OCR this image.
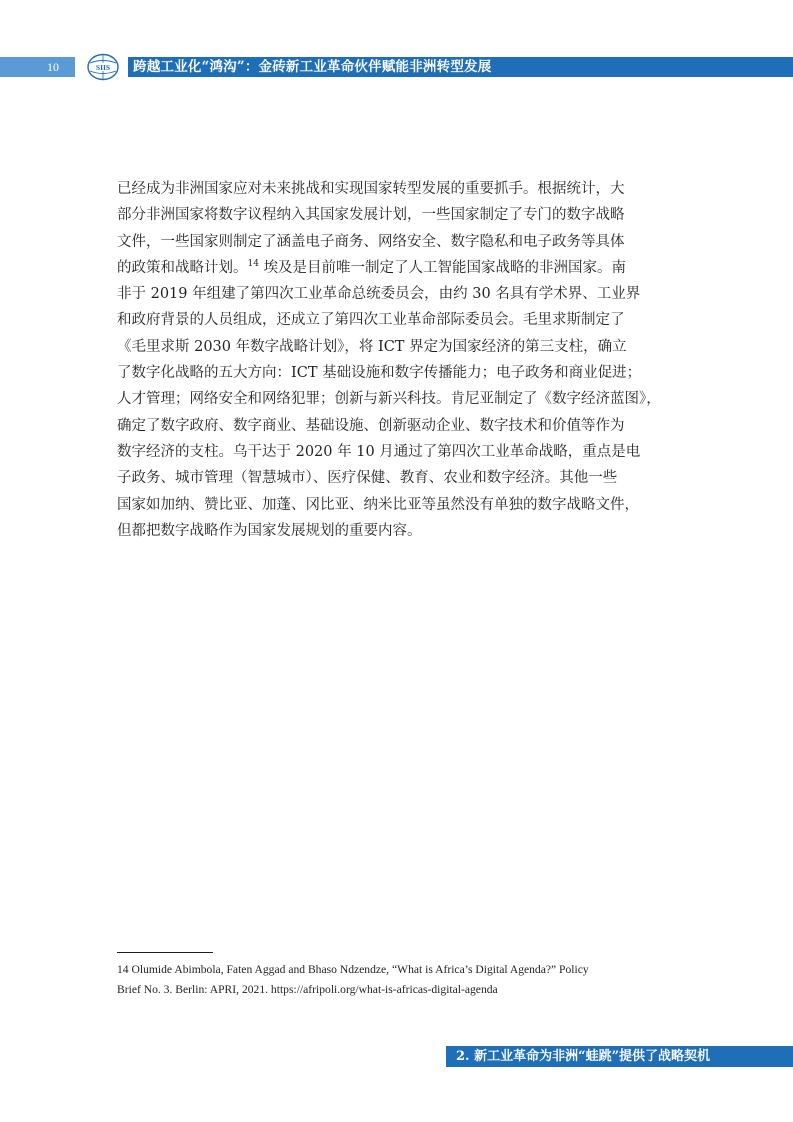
10	SIIS 跨越工业化“鸿沟”：金砖新工业革命伙伴赋能非洲转型发展
已经成为非洲国家应对未来挑战和实现国家转型发展的重要抓手。根据统计，大
部分非洲国家将数字议程纳入其国家发展计划，一些国家制定了专门的数字战略
文件，一些国家则制定了涵盖电子商务、网络安全、数字隐私和电子政务等具体
的政策和战略计划。$^{14}$ 埃及是目前唯一制定了人工智能国家战略的非洲国家。南
非于 2019 年组建了第四次工业革命总统委员会，由约 30 名具有学术界、工业界
和政府背景的人员组成，还成立了第四次工业革命部际委员会。毛里求斯制定了
《毛里求斯 2030 年数字战略计划》，将 ICT 界定为国家经济的第三支柱，确立
了数字化战略的五大方向：ICT 基础设施和数字传播能力；电子政务和商业促进；
人才管理；网络安全和网络犯罪；创新与新兴科技。肯尼亚制定了《数字经济蓝图》，
确定了数字政府、数字商业、基础设施、创新驱动企业、数字技术和价值等作为
数字经济的支柱。乌干达于 2020 年 10 月通过了第四次工业革命战略，重点是电
子政务、城市管理（智慧城市）、医疗保健、教育、农业和数字经济。其他一些
国家如加纳、赞比亚、加蓬、冈比亚、纳米比亚等虽然没有单独的数字战略文件，
但都把数字战略作为国家发展规划的重要内容。
14 Olumide Abimbola, Faten Aggad and Bhaso Ndzendze, “What is Africa’s Digital Agenda?” Policy
Brief No. 3. Berlin: APRI, 2021. https://afripoli.org/what-is-africas-digital-agenda
2. 新工业革命为非洲“蛙跳”提供了战略契机
